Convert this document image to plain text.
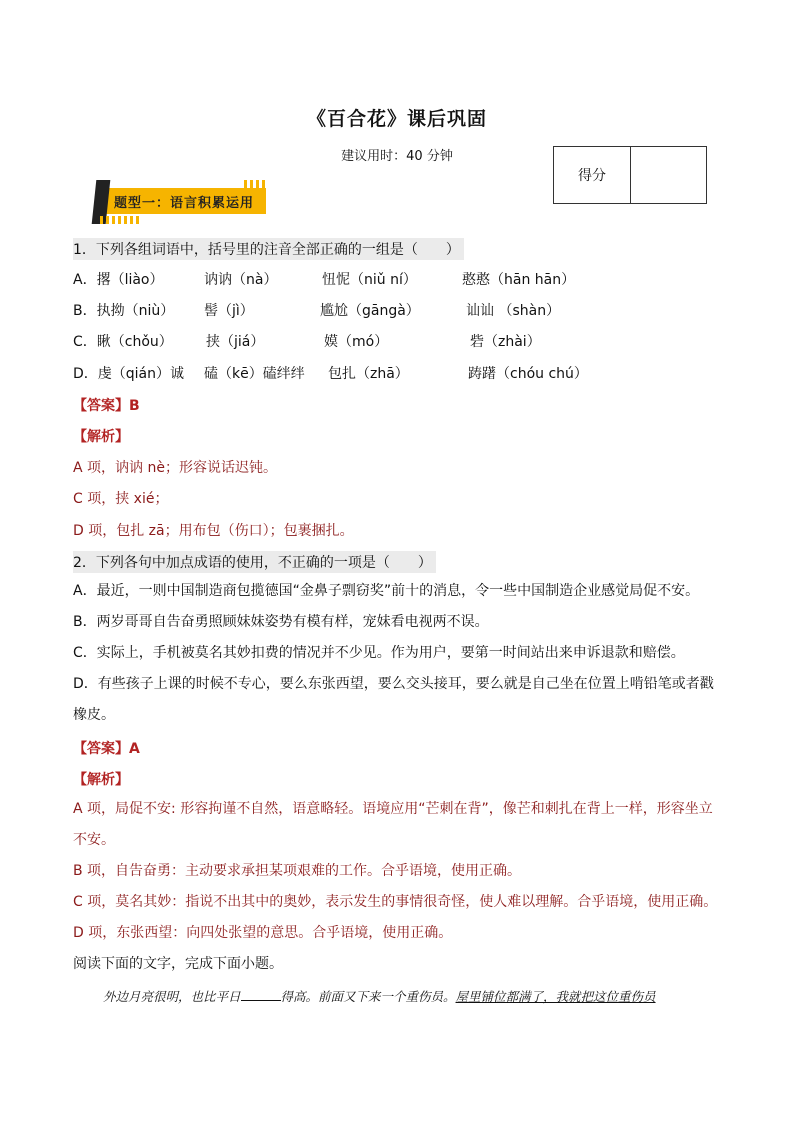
《百合花》课后巩固
建议用时：40 分钟
得分
题型一：语言积累运用
1．下列各组词语中，括号里的注音全部正确的一组是（　　）
A．撂（liào）	讷讷（nà）	忸怩（niǔ ní）	憨憨（hān hān）
B．执拗（niù） 髻（jì）	尴尬（gāngà）	讪讪 （shàn）
C．瞅（chǒu） 挟（jiá）	嫫（mó）	砦（zhài）
D．虔（qián）诚 磕（kē）磕绊绊 包扎（zhā）	踌躇（chóu chú）
【答案】B
【解析】
A 项，讷讷 nè；形容说话迟钝。
C 项，挟 xié；
D 项，包扎 zā；用布包（伤口）；包裹捆扎。
2．下列各句中加点成语的使用，不正确的一项是（　　）
A．最近，一则中国制造商包揽德国“金鼻子剽窃奖”前十的消息，令一些中国制造企业感觉局促不安。
B．两岁哥哥自告奋勇照顾妹妹姿势有模有样，宠妹看电视两不误。
C．实际上，手机被莫名其妙扣费的情况并不少见。作为用户，要第一时间站出来申诉退款和赔偿。
D．有些孩子上课的时候不专心，要么东张西望，要么交头接耳，要么就是自己坐在位置上啃铅笔或者戳橡皮。
【答案】A
【解析】
A 项，局促不安: 形容拘谨不自然，语意略轻。语境应用“芒刺在背”，像芒和刺扎在背上一样，形容坐立不安。
B 项，自告奋勇：主动要求承担某项艰难的工作。合乎语境，使用正确。
C 项，莫名其妙：指说不出其中的奥妙，表示发生的事情很奇怪，使人难以理解。合乎语境，使用正确。
D 项，东张西望：向四处张望的意思。合乎语境，使用正确。
阅读下面的文字，完成下面小题。
外边月亮很明，也比平日	得高。前面又下来一个重伤员。屋里铺位都满了，我就把这位重伤员
